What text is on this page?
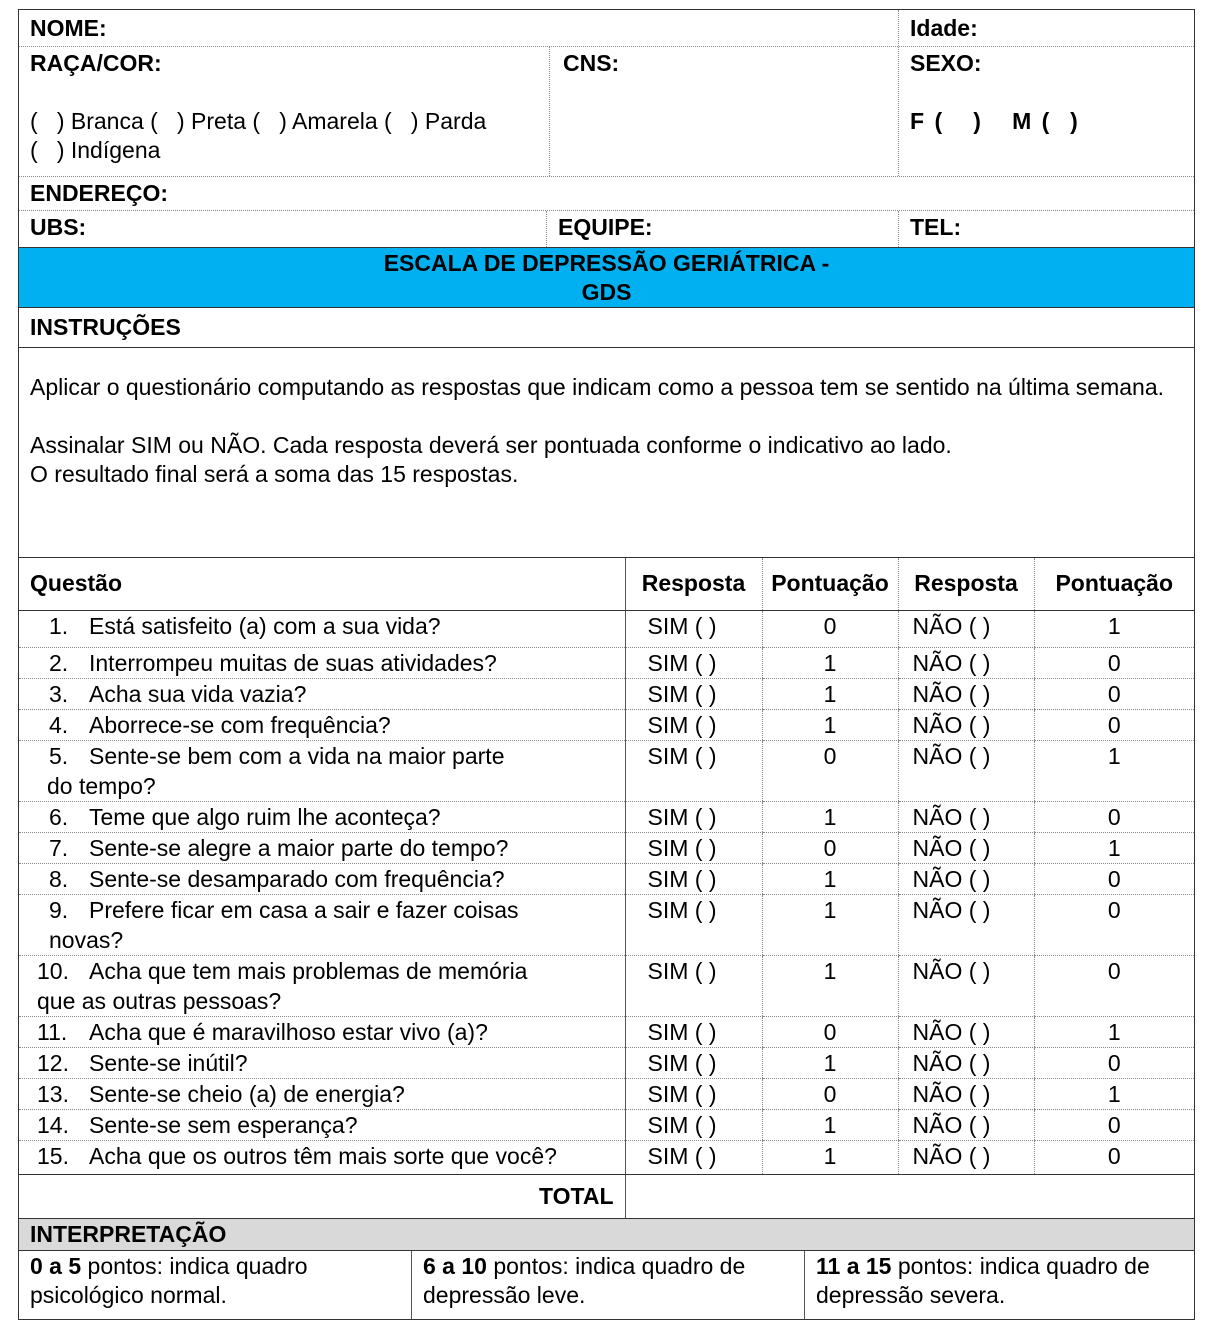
NOME:	Idade:
RAÇA/COR:
(   ) Branca (   ) Preta (   ) Amarela (   ) Parda
(   ) Indígena
CNS:	SEXO:
F (   )   M (  )
ENDEREÇO:
UBS:	EQUIPE:	TEL:
ESCALA DE DEPRESSÃO GERIÁTRICA -
GDS
INSTRUÇÕES

Aplicar o questionário computando as respostas que indicam como a pessoa tem se sentido na última semana.

Assinalar SIM ou NÃO. Cada resposta deverá ser pontuada conforme o indicativo ao lado.
O resultado final será a soma das 15 respostas.

Questão	Resposta	Pontuação	Resposta	Pontuação
1. Está satisfeito (a) com a sua vida?	SIM ( )	0	NÃO ( )	1
2. Interrompeu muitas de suas atividades?	SIM ( )	1	NÃO ( )	0
3. Acha sua vida vazia?	SIM ( )	1	NÃO ( )	0
4. Aborrece-se com frequência?	SIM ( )	1	NÃO ( )	0
5. Sente-se bem com a vida na maior parte
do tempo?	SIM ( )	0	NÃO ( )	1
6. Teme que algo ruim lhe aconteça?	SIM ( )	1	NÃO ( )	0
7. Sente-se alegre a maior parte do tempo?	SIM ( )	0	NÃO ( )	1
8. Sente-se desamparado com frequência?	SIM ( )	1	NÃO ( )	0
9. Prefere ficar em casa a sair e fazer coisas
novas?	SIM ( )	1	NÃO ( )	0
10. Acha que tem mais problemas de memória
que as outras pessoas?	SIM ( )	1	NÃO ( )	0
11. Acha que é maravilhoso estar vivo (a)?	SIM ( )	0	NÃO ( )	1
12. Sente-se inútil?	SIM ( )	1	NÃO ( )	0
13. Sente-se cheio (a) de energia?	SIM ( )	0	NÃO ( )	1
14. Sente-se sem esperança?	SIM ( )	1	NÃO ( )	0
15. Acha que os outros têm mais sorte que você?	SIM ( )	1	NÃO ( )	0
TOTAL				
INTERPRETAÇÃO
0 a 5 pontos: indica quadro
psicológico normal.
6 a 10 pontos: indica quadro de
depressão leve.
11 a 15 pontos: indica quadro de
depressão severa.
